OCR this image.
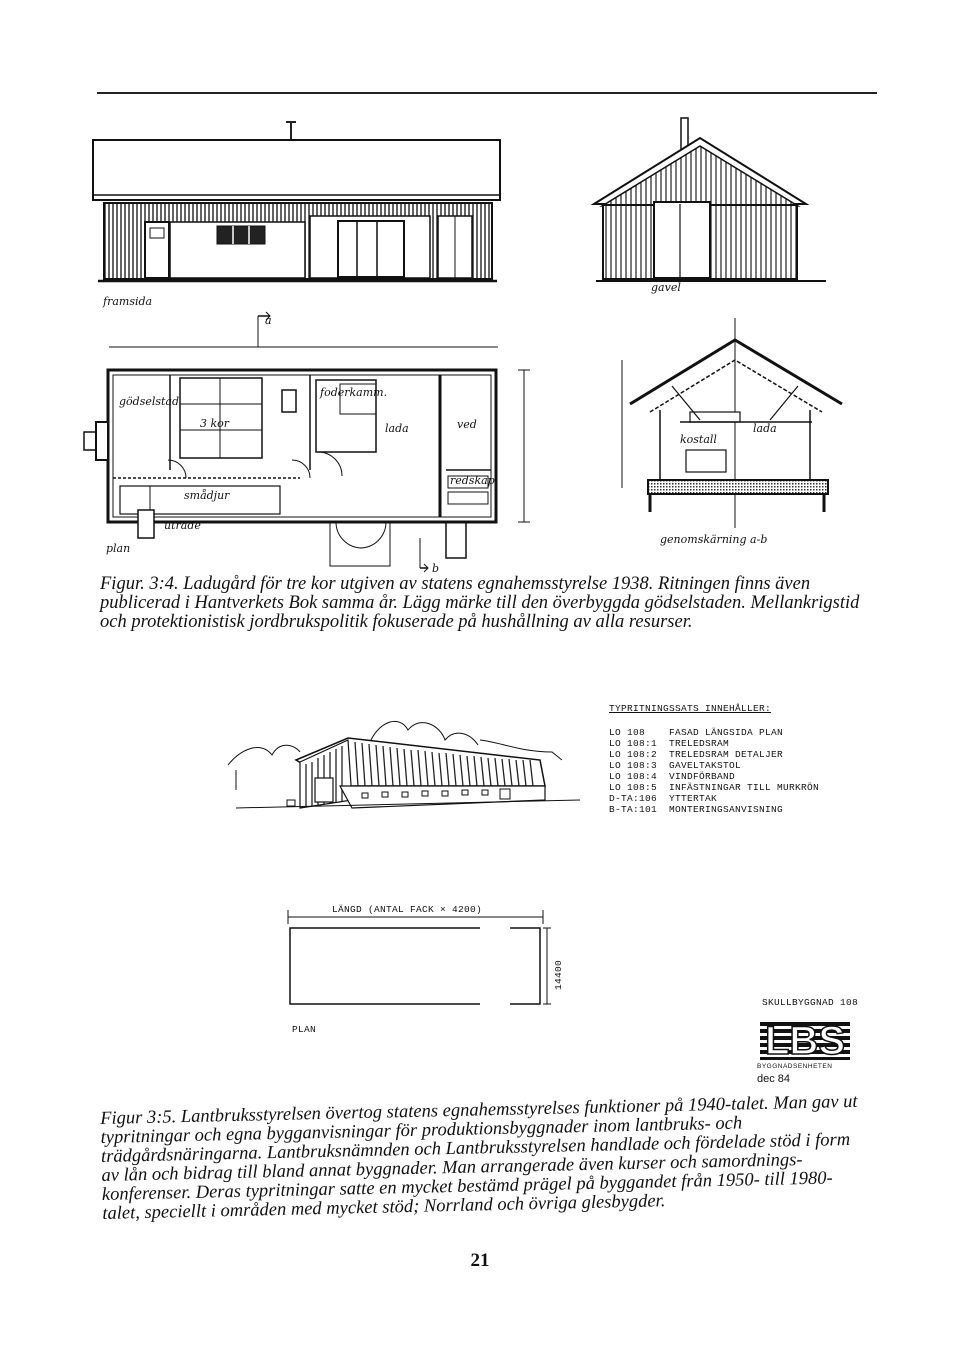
framsida
gavel
plan
genomskärning a-b
a
b
gödselstad
3 kor
smådjur
utrade
foderkamm.
lada	ved
redskap
kostall
lada

Figur. 3:4. Ladugård för tre kor utgiven av statens egnahemsstyrelse 1938. Ritningen finns även publicerad i Hantverkets Bok samma år. Lägg märke till den överbyggda gödselstaden. Mellankrigstid och protektionistisk jordbrukspolitik fokuserade på hushållning av alla resurser.

LBS
TYPRITNINGSSATS INNEHÅLLER:
LO 108	FASAD LÄNGSIDA PLAN
LO 108:1 TRELEDSRAM
LO 108:2 TRELEDSRAM DETALJER
LO 108:3 GAVELTAKSTOL
LO 108:4 VINDFÖRBAND
LO 108:5 INFÄSTNINGAR TILL MURKRÖN
D-TA:106 YTTERTAK
B-TA:101 MONTERINGSANVISNING
LÄNGD (ANTAL FACK × 4200)
14400
PLAN
SKULLBYGGNAD 108
BYGGNADSENHETEN
dec 84

Figur 3:5. Lantbruksstyrelsen övertog statens egnahemsstyrelses funktioner på 1940-talet. Man gav ut typritningar och egna bygganvisningar för produktionsbyggnader inom lantbruks- och trädgårdsnäringarna. Lantbruksnämnden och Lantbruksstyrelsen handlade och fördelade stöd i form av lån och bidrag till bland annat byggnader. Man arrangerade även kurser och samordnings-konferenser. Deras typritningar satte en mycket bestämd prägel på byggandet från 1950- till 1980-talet, speciellt i områden med mycket stöd; Norrland och övriga glesbygder.

21
